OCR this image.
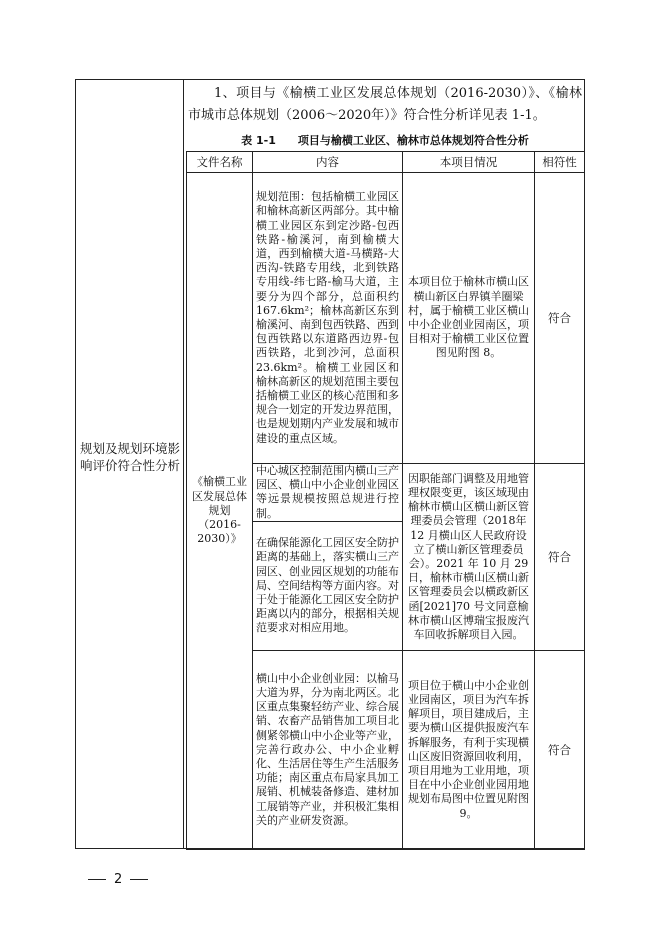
规划及规划环境影响评价符合性分析
1、项目与《榆横工业区发展总体规划（2016-2030）》、《榆林市城市总体规划（2006～2020年）》符合性分析详见表 1-1。
表 1-1　　项目与榆横工业区、榆林市总体规划符合性分析
文件名称	内容	本项目情况	相符性
《榆横工业区发展总体规划（2016-2030）》	规划范围：包括榆横工业园区和榆林高新区两部分。其中榆横工业园区东到定沙路-包西铁路-榆溪河，南到榆横大道，西到榆横大道-马横路-大西沟-铁路专用线，北到铁路专用线-纬七路-榆马大道，主要分为四个部分，总面积约 167.6km²；榆林高新区东到榆溪河、南到包西铁路、西到包西铁路以东道路西边界-包西铁路，北到沙河，总面积 23.6km²。榆横工业园区和榆林高新区的规划范围主要包括榆横工业区的核心范围和多规合一划定的开发边界范围，也是规划期内产业发展和城市建设的重点区域。	本项目位于榆林市横山区横山新区白界镇羊圈梁村，属于榆横工业区横山中小企业创业园南区，项目相对于榆横工业区位置图见附图 8。	符合
	中心城区控制范围内横山三产园区、横山中小企业创业园区等远景规模按照总规进行控制。	因职能部门调整及用地管理权限变更，该区域现由榆林市横山区横山新区管理委员会管理（2018年 12 月横山区人民政府设立了横山新区管理委员会）。2021 年 10 月 29 日，榆林市横山区横山新区管理委员会以横政新区函[2021]70 号文同意榆林市横山区博瑞宝报废汽车回收拆解项目入园。	符合
	在确保能源化工园区安全防护距离的基础上，落实横山三产园区、创业园区规划的功能布局、空间结构等方面内容。对于处于能源化工园区安全防护距离以内的部分，根据相关规范要求对相应用地。		
	横山中小企业创业园：以榆马大道为界，分为南北两区。北区重点集聚轻纺产业、综合展销、农畜产品销售加工项目北侧紧邻横山中小企业等产业，完善行政办公、中小企业孵化、生活居住等生产生活服务功能；南区重点布局家具加工展销、机械装备修造、建材加工展销等产业，并积极汇集相关的产业研发资源。	项目位于横山中小企业创业园南区，项目为汽车拆解项目，项目建成后，主要为横山区提供报废汽车拆解服务，有利于实现横山区废旧资源回收利用，项目用地为工业用地，项目在中小企业创业园用地规划布局图中位置见附图 9。	符合
2
